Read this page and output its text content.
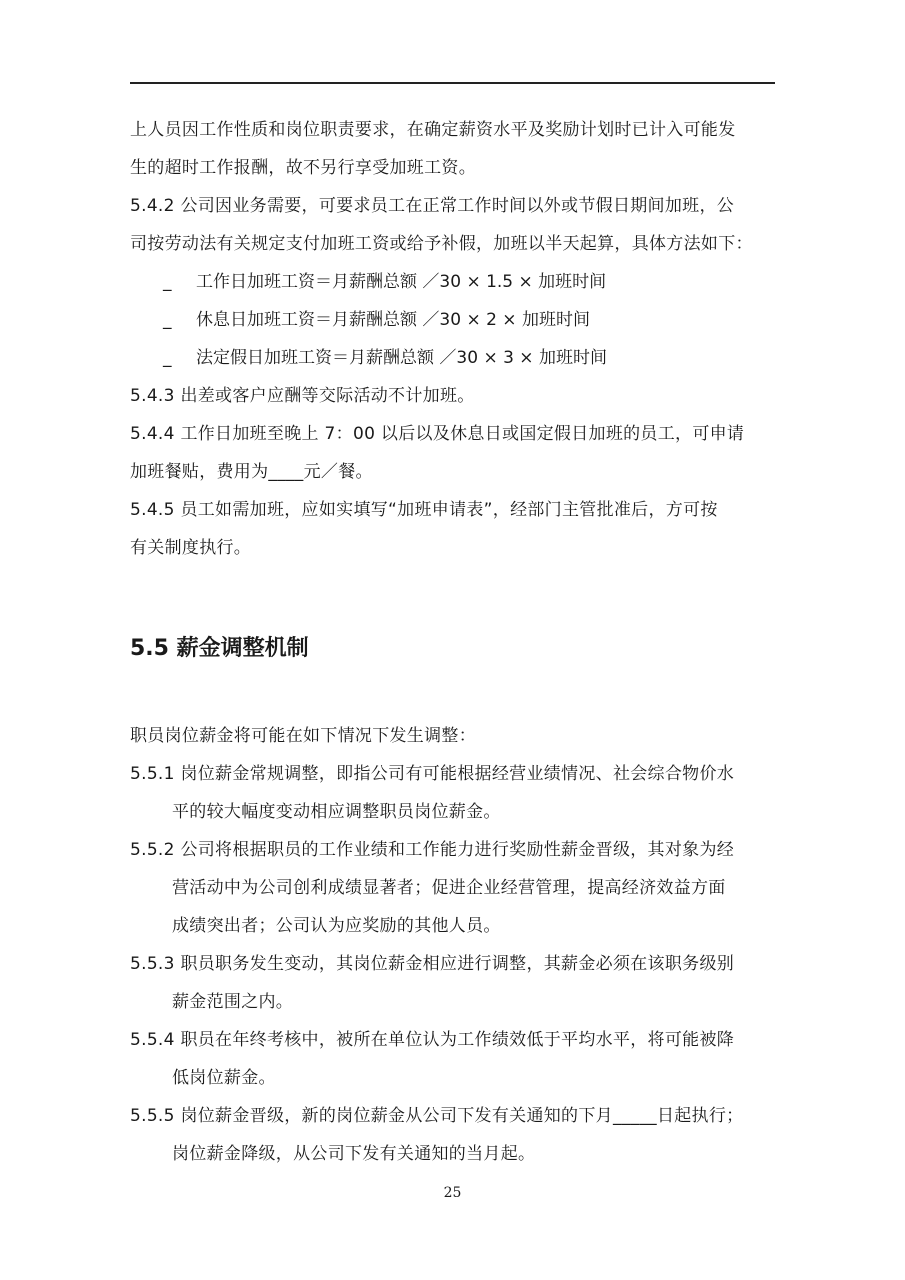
上人员因工作性质和岗位职责要求，在确定薪资水平及奖励计划时已计入可能发
生的超时工作报酬，故不另行享受加班工资。
5.4.2 公司因业务需要，可要求员工在正常工作时间以外或节假日期间加班，公
司按劳动法有关规定支付加班工资或给予补假，加班以半天起算，具体方法如下：
_ 工作日加班工资＝月薪酬总额 ／30 × 1.5 × 加班时间
_ 休息日加班工资＝月薪酬总额 ／30 × 2 × 加班时间
_ 法定假日加班工资＝月薪酬总额 ／30 × 3 × 加班时间
5.4.3 出差或客户应酬等交际活动不计加班。
5.4.4 工作日加班至晚上 7：00 以后以及休息日或国定假日加班的员工，可申请
加班餐贴，费用为____元／餐。
5.4.5 员工如需加班，应如实填写“加班申请表”，经部门主管批准后，方可按
有关制度执行。
5.5 薪金调整机制
职员岗位薪金将可能在如下情况下发生调整：
5.5.1 岗位薪金常规调整，即指公司有可能根据经营业绩情况、社会综合物价水
平的较大幅度变动相应调整职员岗位薪金。
5.5.2 公司将根据职员的工作业绩和工作能力进行奖励性薪金晋级，其对象为经
营活动中为公司创利成绩显著者；促进企业经营管理，提高经济效益方面
成绩突出者；公司认为应奖励的其他人员。
5.5.3 职员职务发生变动，其岗位薪金相应进行调整，其薪金必须在该职务级别
薪金范围之内。
5.5.4 职员在年终考核中，被所在单位认为工作绩效低于平均水平，将可能被降
低岗位薪金。
5.5.5 岗位薪金晋级，新的岗位薪金从公司下发有关通知的下月_____日起执行；
岗位薪金降级，从公司下发有关通知的当月起。
25
